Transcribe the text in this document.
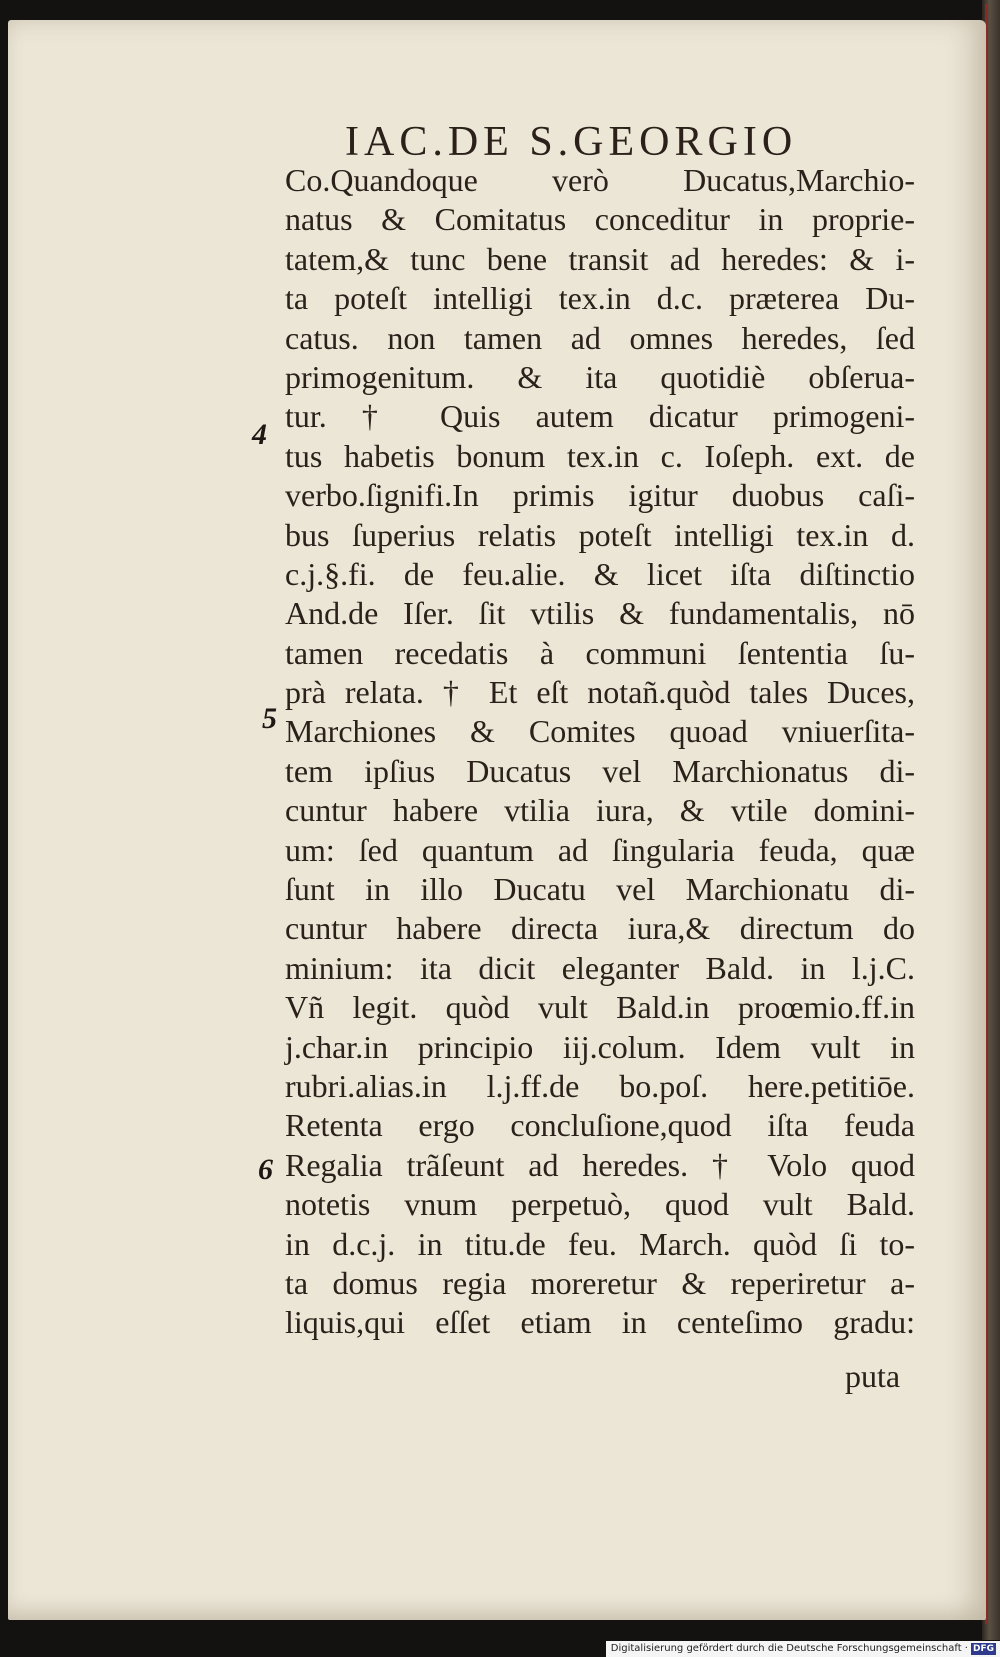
IAC.DE S.GEORGIO
Co.Quandoque verò Ducatus,Marchio-
natus & Comitatus conceditur in proprie-
tatem,& tunc bene transit ad heredes: & i-
ta poteſt intelligi tex.in d.c. præterea Du-
catus. non tamen ad omnes heredes, ſed
primogenitum. & ita quotidiè obſerua-
tur. † Quis autem dicatur primogeni-
tus habetis bonum tex.in c. Ioſeph. ext. de
verbo.ſignifi.In primis igitur duobus caſi-
bus ſuperius relatis poteſt intelligi tex.in d.
c.j.§.fi. de feu.alie. & licet iſta diſtinctio
And.de Iſer. ſit vtilis & fundamentalis, nō
tamen recedatis à communi ſententia ſu-
prà relata. † Et eſt notañ.quòd tales Duces,
Marchiones & Comites quoad vniuerſita-
tem ipſius Ducatus vel Marchionatus di-
cuntur habere vtilia iura, & vtile domini-
um: ſed quantum ad ſingularia feuda, quæ
ſunt in illo Ducatu vel Marchionatu di-
cuntur habere directa iura,& directum do
minium: ita dicit eleganter Bald. in l.j.C.
Vñ legit. quòd vult Bald.in proœmio.ff.in
j.char.in principio iij.colum. Idem vult in
rubri.alias.in l.j.ff.de bo.poſ. here.petitiōe.
Retenta ergo concluſione,quod iſta feuda
Regalia trãſeunt ad heredes. † Volo quod
notetis vnum perpetuò, quod vult Bald.
in d.c.j. in titu.de feu. March. quòd ſi to-
ta domus regia moreretur & reperiretur a-
liquis,qui eſſet etiam in centeſimo gradu:
4
5
6
puta
Digitalisierung gefördert durch die Deutsche Forschungsgemeinschaft · DFG
